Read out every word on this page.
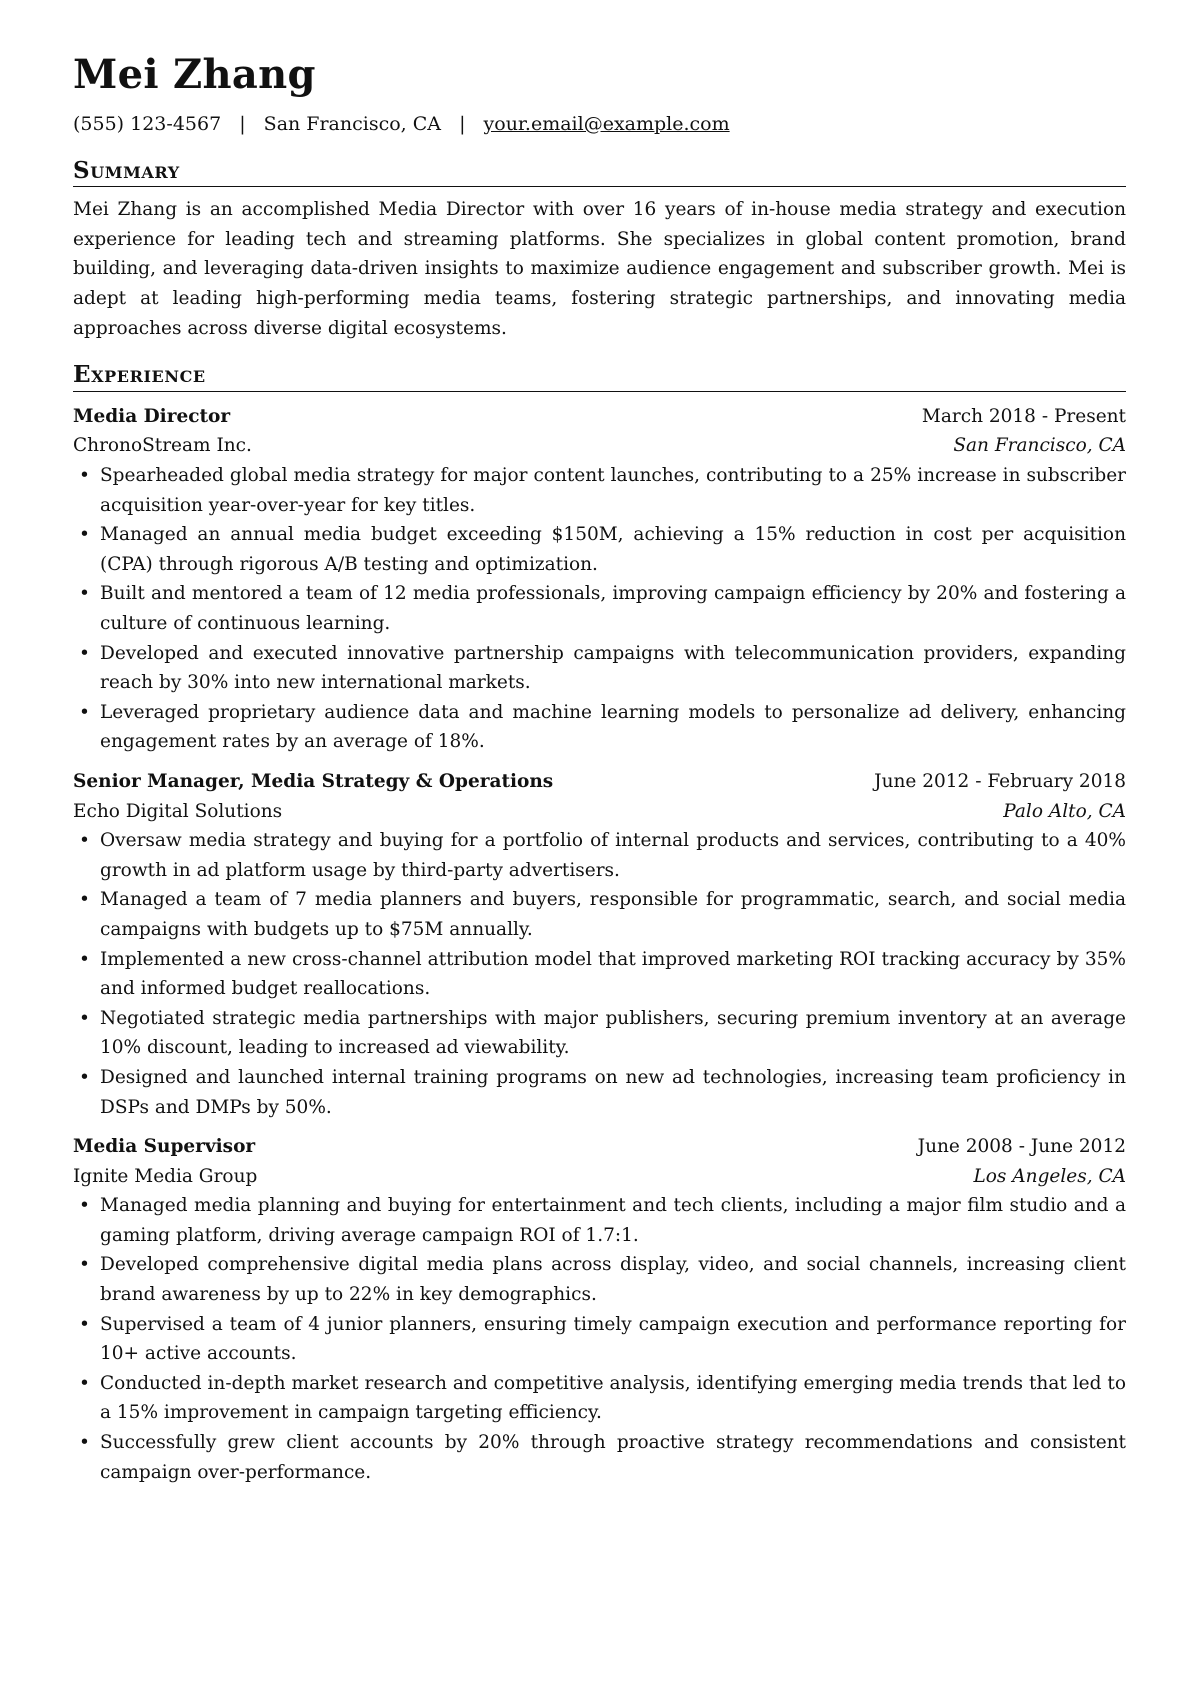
Mei Zhang
(555) 123-4567 | San Francisco, CA | your.email@example.com
Summary
Mei Zhang is an accomplished Media Director with over 16 years of in-house media strategy and execution experience for leading tech and streaming platforms. She specializes in global content promotion, brand building, and leveraging data-driven insights to maximize audience engagement and subscriber growth. Mei is adept at leading high-performing media teams, fostering strategic partnerships, and innovating media approaches across diverse digital ecosystems.
Experience
Media Director	March 2018 - Present
ChronoStream Inc.	San Francisco, CA
• Spearheaded global media strategy for major content launches, contributing to a 25% increase in subscriber acquisition year-over-year for key titles.
• Managed an annual media budget exceeding $150M, achieving a 15% reduction in cost per acquisition (CPA) through rigorous A/B testing and optimization.
• Built and mentored a team of 12 media professionals, improving campaign efficiency by 20% and fostering a culture of continuous learning.
• Developed and executed innovative partnership campaigns with telecommunication providers, expanding reach by 30% into new international markets.
• Leveraged proprietary audience data and machine learning models to personalize ad delivery, enhancing engagement rates by an average of 18%.
Senior Manager, Media Strategy & Operations	June 2012 - February 2018
Echo Digital Solutions	Palo Alto, CA
• Oversaw media strategy and buying for a portfolio of internal products and services, contributing to a 40% growth in ad platform usage by third-party advertisers.
• Managed a team of 7 media planners and buyers, responsible for programmatic, search, and social media campaigns with budgets up to $75M annually.
• Implemented a new cross-channel attribution model that improved marketing ROI tracking accuracy by 35% and informed budget reallocations.
• Negotiated strategic media partnerships with major publishers, securing premium inventory at an average 10% discount, leading to increased ad viewability.
• Designed and launched internal training programs on new ad technologies, increasing team proficiency in DSPs and DMPs by 50%.
Media Supervisor	June 2008 - June 2012
Ignite Media Group	Los Angeles, CA
• Managed media planning and buying for entertainment and tech clients, including a major film studio and a gaming platform, driving average campaign ROI of 1.7:1.
• Developed comprehensive digital media plans across display, video, and social channels, increasing client brand awareness by up to 22% in key demographics.
• Supervised a team of 4 junior planners, ensuring timely campaign execution and performance reporting for 10+ active accounts.
• Conducted in-depth market research and competitive analysis, identifying emerging media trends that led to a 15% improvement in campaign targeting efficiency.
• Successfully grew client accounts by 20% through proactive strategy recommendations and consistent campaign over-performance.
